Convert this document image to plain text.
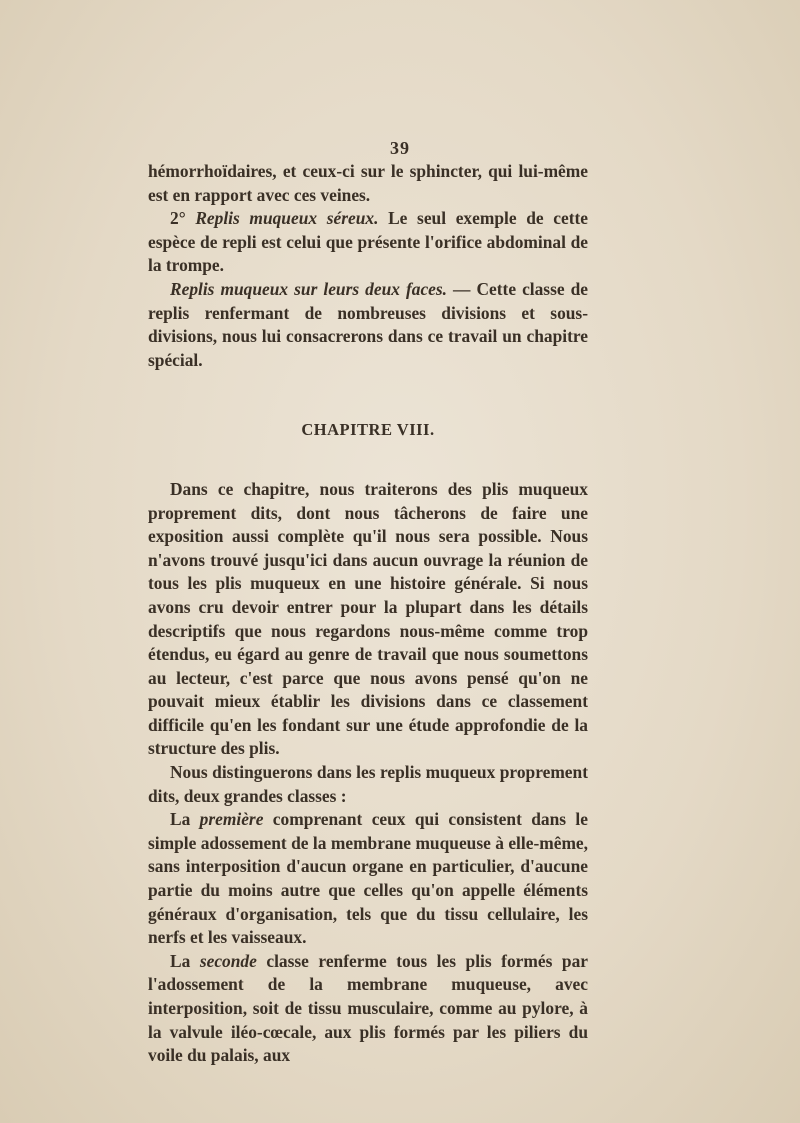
39

hémorrhoïdaires, et ceux-ci sur le sphincter, qui lui-même est en rapport avec ces veines.

2° Replis muqueux séreux. Le seul exemple de cette espèce de repli est celui que présente l'orifice abdominal de la trompe.

Replis muqueux sur leurs deux faces. — Cette classe de replis renfermant de nombreuses divisions et sous-divisions, nous lui consacrerons dans ce travail un chapitre spécial.

CHAPITRE VIII.

Dans ce chapitre, nous traiterons des plis muqueux proprement dits, dont nous tâcherons de faire une exposition aussi complète qu'il nous sera possible. Nous n'avons trouvé jusqu'ici dans aucun ouvrage la réunion de tous les plis muqueux en une histoire générale. Si nous avons cru devoir entrer pour la plupart dans les détails descriptifs que nous regardons nous-même comme trop étendus, eu égard au genre de travail que nous soumettons au lecteur, c'est parce que nous avons pensé qu'on ne pouvait mieux établir les divisions dans ce classement difficile qu'en les fondant sur une étude approfondie de la structure des plis.

Nous distinguerons dans les replis muqueux proprement dits, deux grandes classes :

La première comprenant ceux qui consistent dans le simple adossement de la membrane muqueuse à elle-même, sans interposition d'aucun organe en particulier, d'aucune partie du moins autre que celles qu'on appelle éléments généraux d'organisation, tels que du tissu cellulaire, les nerfs et les vaisseaux.

La seconde classe renferme tous les plis formés par l'adossement de la membrane muqueuse, avec interposition, soit de tissu musculaire, comme au pylore, à la valvule iléo-cœcale, aux plis formés par les piliers du voile du palais, aux
